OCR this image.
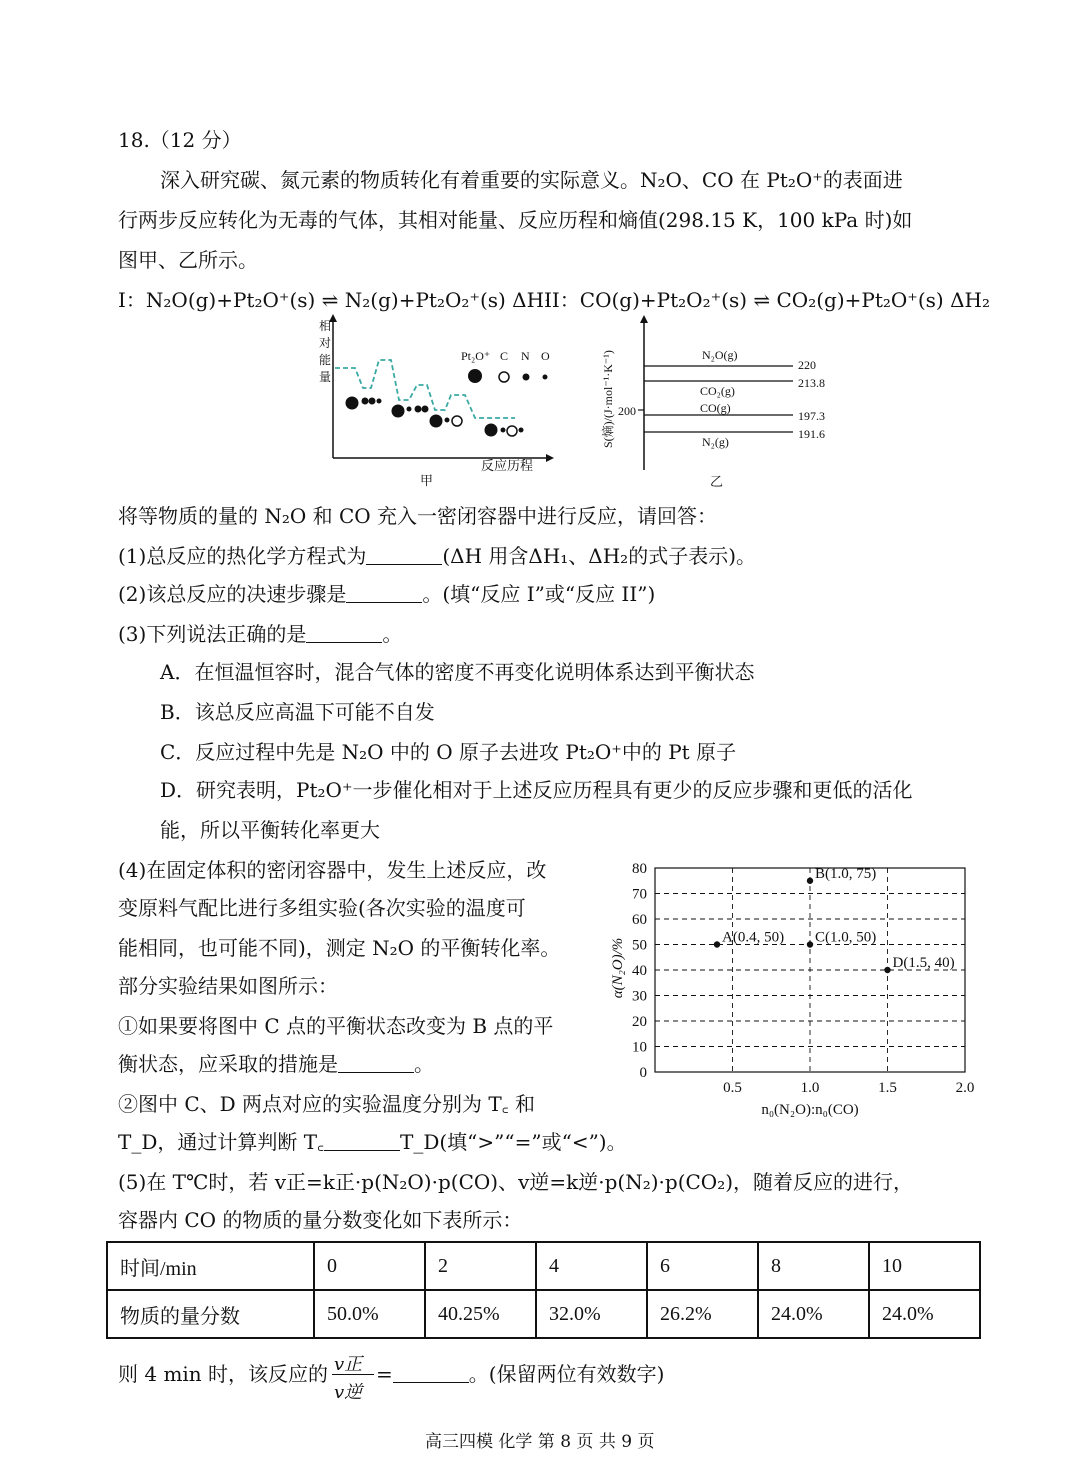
18.（12 分）
深入研究碳、氮元素的物质转化有着重要的实际意义。N₂O、CO 在 Pt₂O⁺的表面进
行两步反应转化为无毒的气体，其相对能量、反应历程和熵值(298.15 K，100 kPa 时)如
图甲、乙所示。
I：N₂O(g)+Pt₂O⁺(s) ⇌ N₂(g)+Pt₂O₂⁺(s) ΔH₁
II：CO(g)+Pt₂O₂⁺(s) ⇌ CO₂(g)+Pt₂O⁺(s) ΔH₂
相
对
能
量
Pt₂O⁺ C N O
反应历程
甲
S(熵)/(J·mol⁻¹·K⁻¹) 200
N₂O(g)
220
CO₂(g)
213.8
CO(g)
197.3
N₂(g)
191.6
乙
将等物质的量的 N₂O 和 CO 充入一密闭容器中进行反应，请回答：
(1)总反应的热化学方程式为	(ΔH 用含ΔH₁、ΔH₂的式子表示)。
(2)该总反应的决速步骤是	。(填“反应 I”或“反应 II”)
(3)下列说法正确的是	。
A．在恒温恒容时，混合气体的密度不再变化说明体系达到平衡状态
B．该总反应高温下可能不自发
C．反应过程中先是 N₂O 中的 O 原子去进攻 Pt₂O⁺中的 Pt 原子
D．研究表明，Pt₂O⁺一步催化相对于上述反应历程具有更少的反应步骤和更低的活化
能，所以平衡转化率更大
(4)在固定体积的密闭容器中，发生上述反应，改
变原料气配比进行多组实验(各次实验的温度可
能相同，也可能不同)，测定 N₂O 的平衡转化率。
部分实验结果如图所示：
①如果要将图中 C 点的平衡状态改变为 B 点的平
衡状态，应采取的措施是	。
②图中 C、D 两点对应的实验温度分别为 T꜀ 和
T_D，通过计算判断 T꜀	T_D(填“>”“=”或“<”)。
0
10
20
30
40
50
60
70
80
0.5	1.0	1.5	2.0
A(0.4, 50)
B(1.0, 75)
C(1.0, 50)
D(1.5, 40)
n₀(N₂O):n₀(CO)
α(N₂O)/%
(5)在 T℃时，若 v正=k正·p(N₂O)·p(CO)、v逆=k逆·p(N₂)·p(CO₂)，随着反应的进行，
容器内 CO 的物质的量分数变化如下表所示：
时间/min	0	2	4	6	8	10
物质的量分数	50.0%	40.25%	32.0%	26.2%	24.0%	24.0%
则 4 min 时，该反应的 v正
v逆
=	。(保留两位有效数字)
高三四模 化学 第 8 页 共 9 页
